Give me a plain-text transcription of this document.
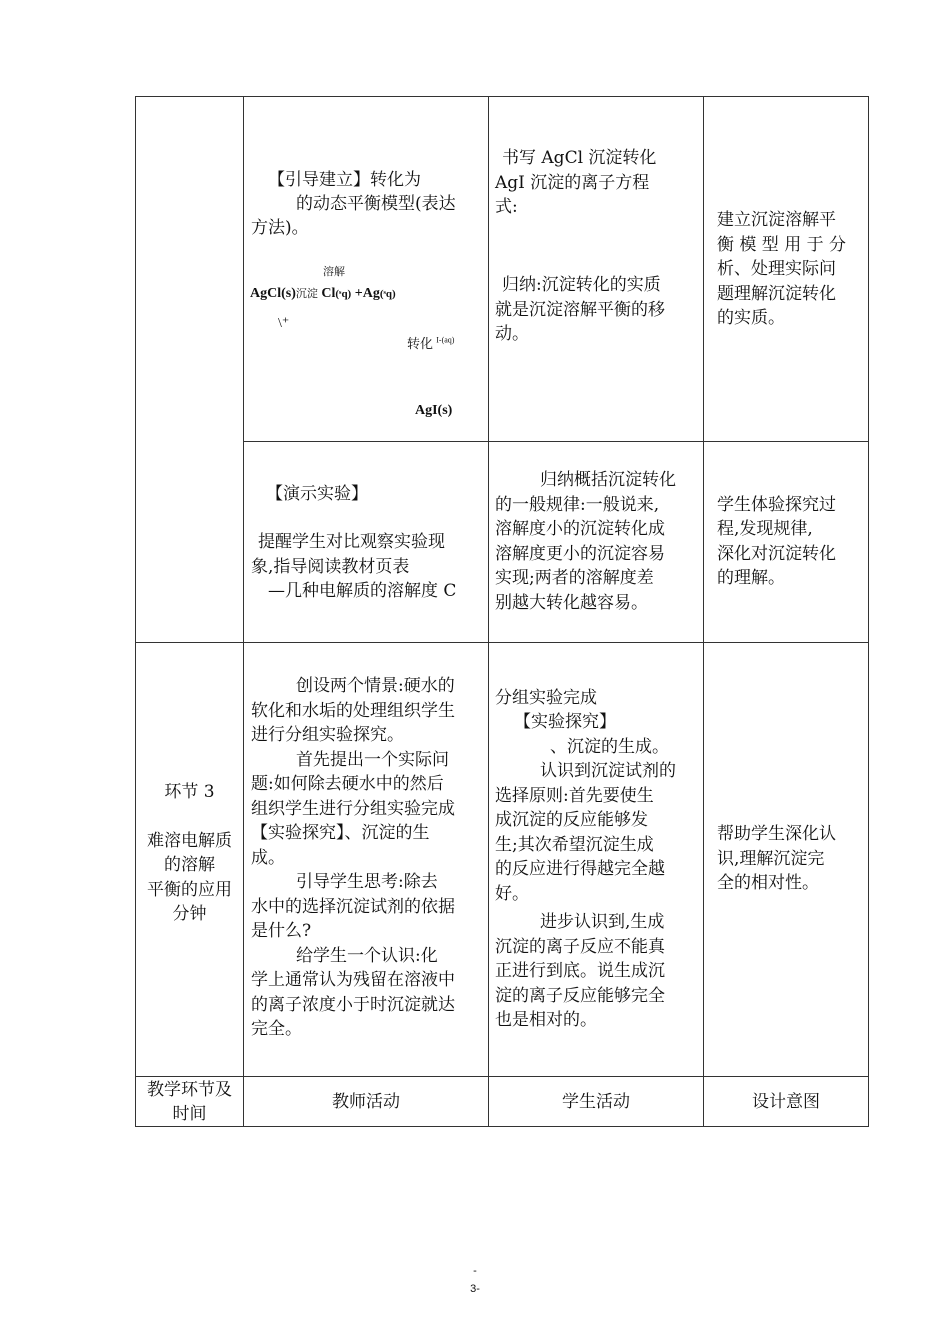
【引导建立】转化为
的动态平衡模型(表达
方法)。
溶解
AgCl(s)沉淀 Cl(ˢq) +Ag(ˢq)
\⁺
转化 $^{I-(aq)}$
AgI(s)
书写 AgCl 沉淀转化
AgI 沉淀的离子方程
式:
归纳:沉淀转化的实质
就是沉淀溶解平衡的移
动。
建立沉淀溶解平
衡 模 型 用 于 分
析、处理实际问
题理解沉淀转化
的实质。
【演示实验】
提醒学生对比观察实验现
象,指导阅读教材页表
—几种电解质的溶解度 C
归纳概括沉淀转化
的一般规律:一般说来,
溶解度小的沉淀转化成
溶解度更小的沉淀容易
实现;两者的溶解度差
别越大转化越容易。
学生体验探究过
程,发现规律,
深化对沉淀转化
的理解。
环节 3
难溶电解质
的溶解
平衡的应用
分钟
创设两个情景:硬水的
软化和水垢的处理组织学生
进行分组实验探究。
首先提出一个实际问
题:如何除去硬水中的然后
组织学生进行分组实验完成
【实验探究】、沉淀的生
成。
引导学生思考:除去
水中的选择沉淀试剂的依据
是什么?
给学生一个认识:化
学上通常认为残留在溶液中
的离子浓度小于时沉淀就达
完全。
分组实验完成
【实验探究】
、沉淀的生成。
认识到沉淀试剂的
选择原则:首先要使生
成沉淀的反应能够发
生;其次希望沉淀生成
的反应进行得越完全越
好。
进步认识到,生成
沉淀的离子反应不能真
正进行到底。说生成沉
淀的离子反应能够完全
也是相对的。
帮助学生深化认
识,理解沉淀完
全的相对性。
教学环节及
时间
教师活动	学生活动	设计意图
-
3-
